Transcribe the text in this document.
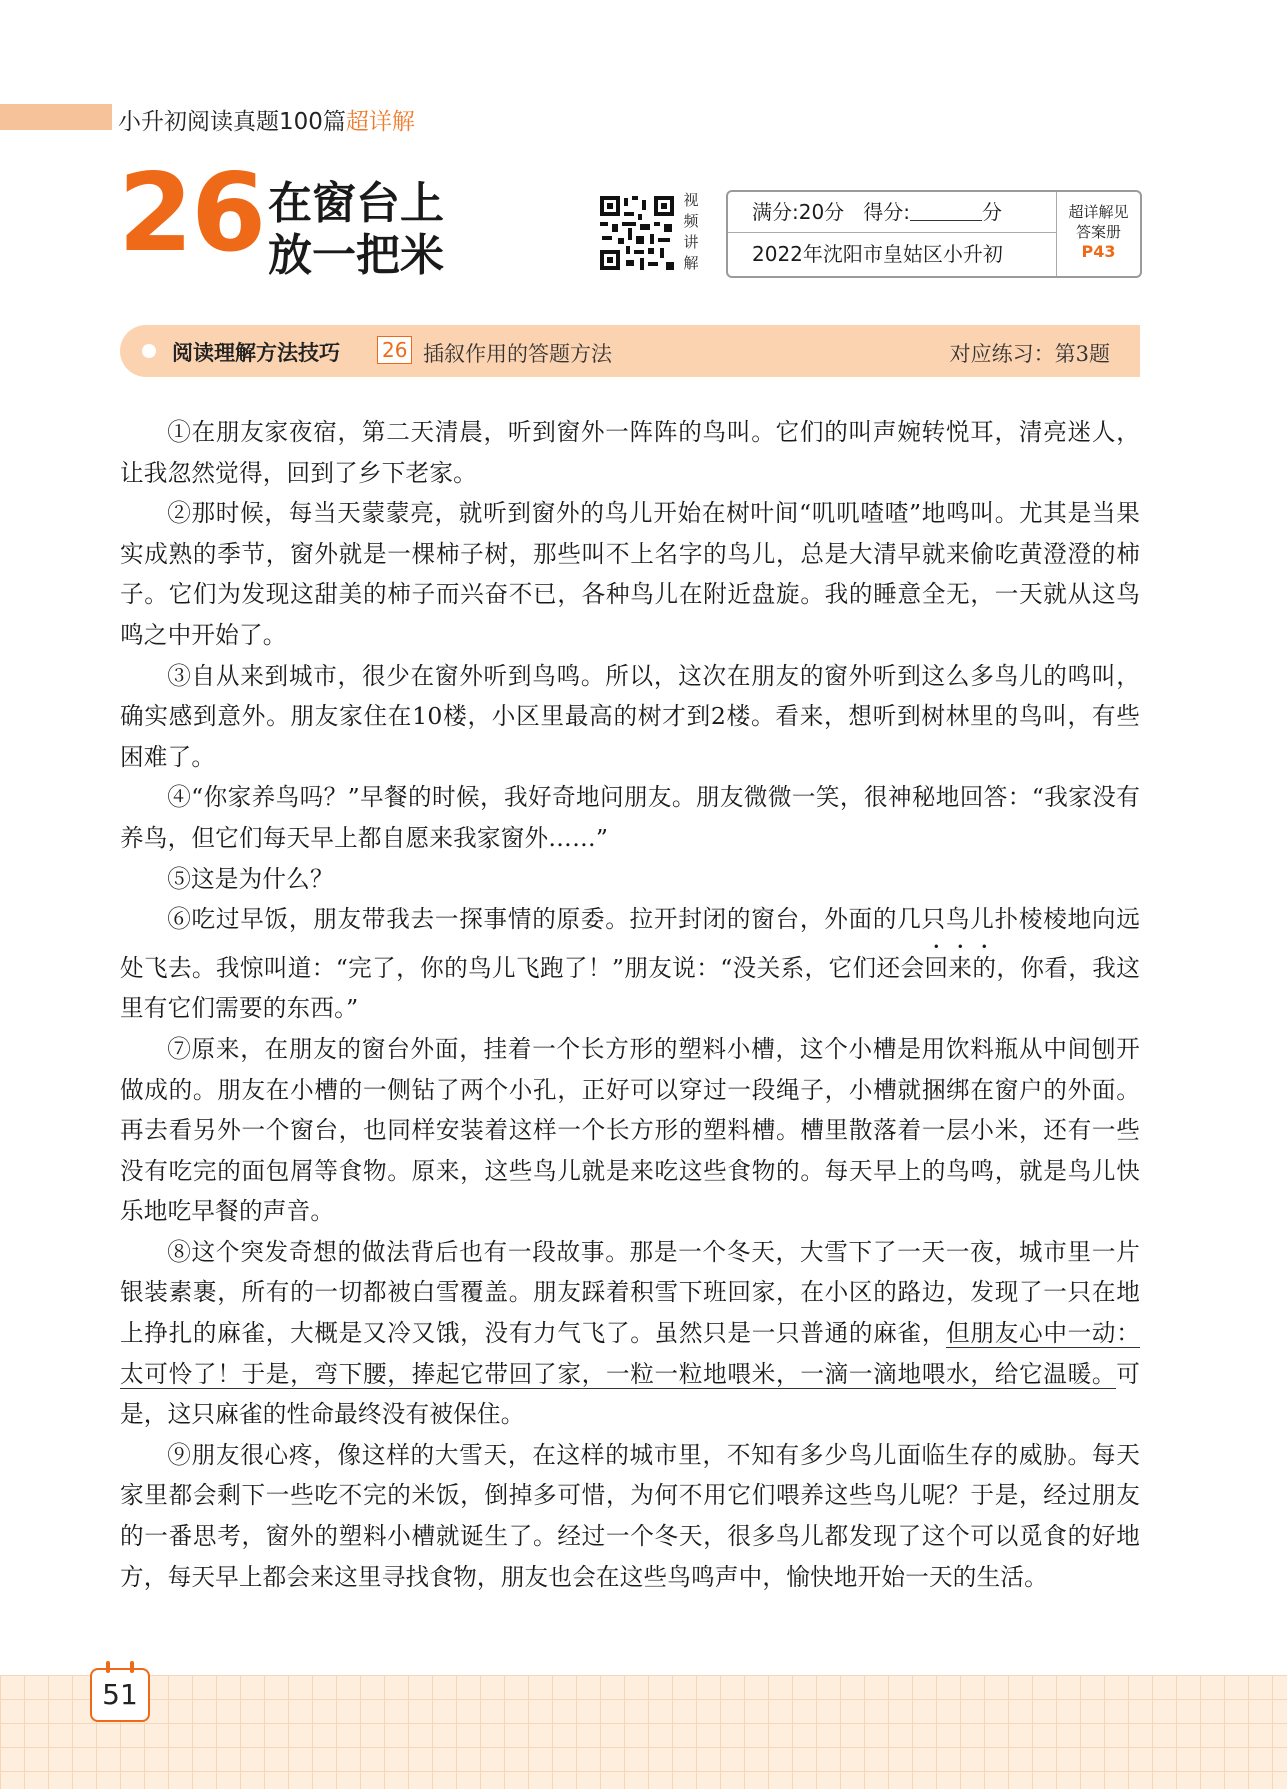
小升初阅读真题100篇超详解
26 在窗台上
放一把米
视
频
讲
解
满分:20分 得分:	分
2022年沈阳市皇姑区小升初
超详解见
答案册
P43
阅读理解方法技巧 26 插叙作用的答题方法	对应练习：第3题

①在朋友家夜宿，第二天清晨，听到窗外一阵阵的鸟叫。它们的叫声婉转悦耳，清亮迷人，让我忽然觉得，回到了乡下老家。

②那时候，每当天蒙蒙亮，就听到窗外的鸟儿开始在树叶间“叽叽喳喳”地鸣叫。尤其是当果实成熟的季节，窗外就是一棵柿子树，那些叫不上名字的鸟儿，总是大清早就来偷吃黄澄澄的柿子。它们为发现这甜美的柿子而兴奋不已，各种鸟儿在附近盘旋。我的睡意全无，一天就从这鸟鸣之中开始了。

③自从来到城市，很少在窗外听到鸟鸣。所以，这次在朋友的窗外听到这么多鸟儿的鸣叫，确实感到意外。朋友家住在10楼，小区里最高的树才到2楼。看来，想听到树林里的鸟叫，有些困难了。

④“你家养鸟吗？”早餐的时候，我好奇地问朋友。朋友微微一笑，很神秘地回答：“我家没有养鸟，但它们每天早上都自愿来我家窗外……”

⑤这是为什么？

⑥吃过早饭，朋友带我去一探事情的原委。拉开封闭的窗台，外面的几只鸟儿扑棱棱地向远处飞去。我惊叫道：“完了，你的鸟儿飞跑了！”朋友说：“没关系，它们还会回来的，你看，我这里有它们需要的东西。”

⑦原来，在朋友的窗台外面，挂着一个长方形的塑料小槽，这个小槽是用饮料瓶从中间刨开做成的。朋友在小槽的一侧钻了两个小孔，正好可以穿过一段绳子，小槽就捆绑在窗户的外面。再去看另外一个窗台，也同样安装着这样一个长方形的塑料槽。槽里散落着一层小米，还有一些没有吃完的面包屑等食物。原来，这些鸟儿就是来吃这些食物的。每天早上的鸟鸣，就是鸟儿快乐地吃早餐的声音。

⑧这个突发奇想的做法背后也有一段故事。那是一个冬天，大雪下了一天一夜，城市里一片银装素裹，所有的一切都被白雪覆盖。朋友踩着积雪下班回家，在小区的路边，发现了一只在地上挣扎的麻雀，大概是又冷又饿，没有力气飞了。虽然只是一只普通的麻雀，但朋友心中一动：太可怜了！于是，弯下腰，捧起它带回了家，一粒一粒地喂米，一滴一滴地喂水，给它温暖。可是，这只麻雀的性命最终没有被保住。

⑨朋友很心疼，像这样的大雪天，在这样的城市里，不知有多少鸟儿面临生存的威胁。每天家里都会剩下一些吃不完的米饭，倒掉多可惜，为何不用它们喂养这些鸟儿呢？于是，经过朋友的一番思考，窗外的塑料小槽就诞生了。经过一个冬天，很多鸟儿都发现了这个可以觅食的好地方，每天早上都会来这里寻找食物，朋友也会在这些鸟鸣声中，愉快地开始一天的生活。

51
